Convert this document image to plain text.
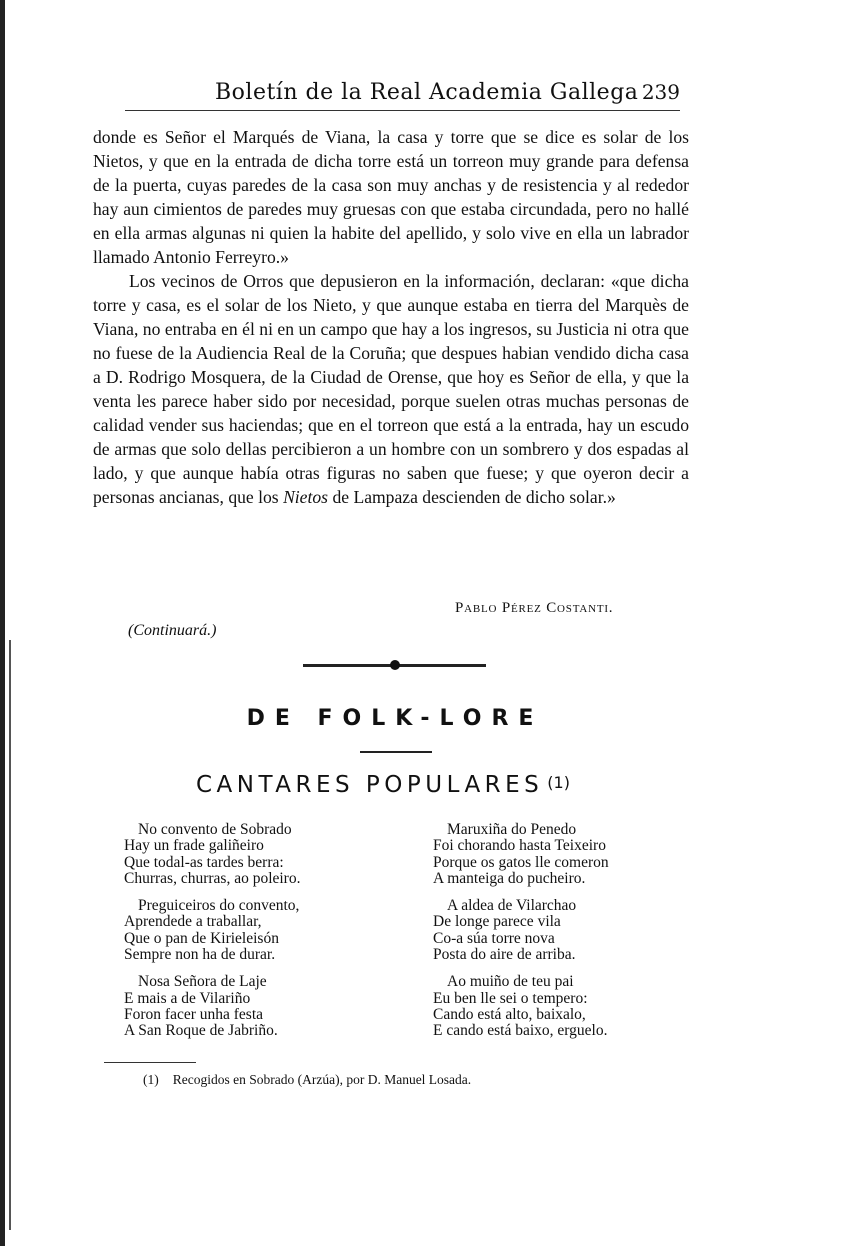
Boletín de la Real Academia Gallega 239

donde es Señor el Marqués de Viana, la casa y torre que se dice es solar de los Nietos, y que en la entrada de dicha torre está un torreon muy grande para defensa de la puerta, cuyas paredes de la casa son muy anchas y de resistencia y al rededor hay aun cimientos de paredes muy gruesas con que estaba circundada, pero no hallé en ella armas algunas ni quien la habite del apellido, y solo vive en ella un labrador llamado Antonio Ferreyro.»

Los vecinos de Orros que depusieron en la información, declaran: «que dicha torre y casa, es el solar de los Nieto, y que aunque estaba en tierra del Marquès de Viana, no entraba en él ni en un campo que hay a los ingresos, su Justicia ni otra que no fuese de la Audiencia Real de la Coruña; que despues habian vendido dicha casa a D. Rodrigo Mosquera, de la Ciudad de Orense, que hoy es Señor de ella, y que la venta les parece haber sido por necesidad, porque suelen otras muchas personas de calidad vender sus haciendas; que en el torreon que está a la entrada, hay un escudo de armas que solo dellas percibieron a un hombre con un sombrero y dos espadas al lado, y que aunque había otras figuras no saben que fuese; y que oyeron decir a personas ancianas, que los Nietos de Lampaza descienden de dicho solar.»

Pablo Pérez Costanti.
(Continuará.)
DE FOLK-LORE
CANTARES POPULARES (1)
No convento de Sobrado
Hay un frade galiñeiro
Que todal-as tardes berra:
Churras, churras, ao poleiro.
Preguiceiros do convento,
Aprendede a traballar,
Que o pan de Kirieleisón
Sempre non ha de durar.
Nosa Señora de Laje
E mais a de Vilariño
Foron facer unha festa
A San Roque de Jabriño.
Maruxiña do Penedo
Foi chorando hasta Teixeiro
Porque os gatos lle comeron
A manteiga do pucheiro.
A aldea de Vilarchao
De longe parece vila
Co-a súa torre nova
Posta do aire de arriba.
Ao muiño de teu pai
Eu ben lle sei o tempero:
Cando está alto, baixalo,
E cando está baixo, erguelo.
(1) Recogidos en Sobrado (Arzúa), por D. Manuel Losada.
